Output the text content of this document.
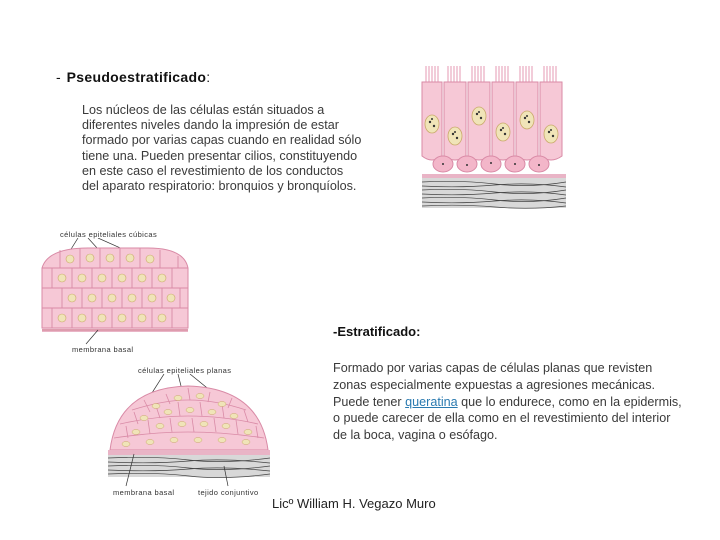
- Pseudoestratificado:
Los núcleos de las células están situados a diferentes niveles dando la impresión de estar formado por varias capas cuando en realidad sólo tiene una. Pueden presentar cilios, constituyendo en este caso el revestimiento de los conductos del aparato respiratorio: bronquios y bronquíolos.
células epiteliales cúbicas
membrana basal
-Estratificado:
Formado por varias capas de células planas que revisten zonas especialmente expuestas a agresiones mecánicas. Puede tener queratina que lo endurece, como en la epidermis, o puede carecer de ella como en el revestimiento del interior de la boca, vagina o esófago.
células epiteliales planas
membrana basal	tejido conjuntivo
Licº William H. Vegazo Muro
